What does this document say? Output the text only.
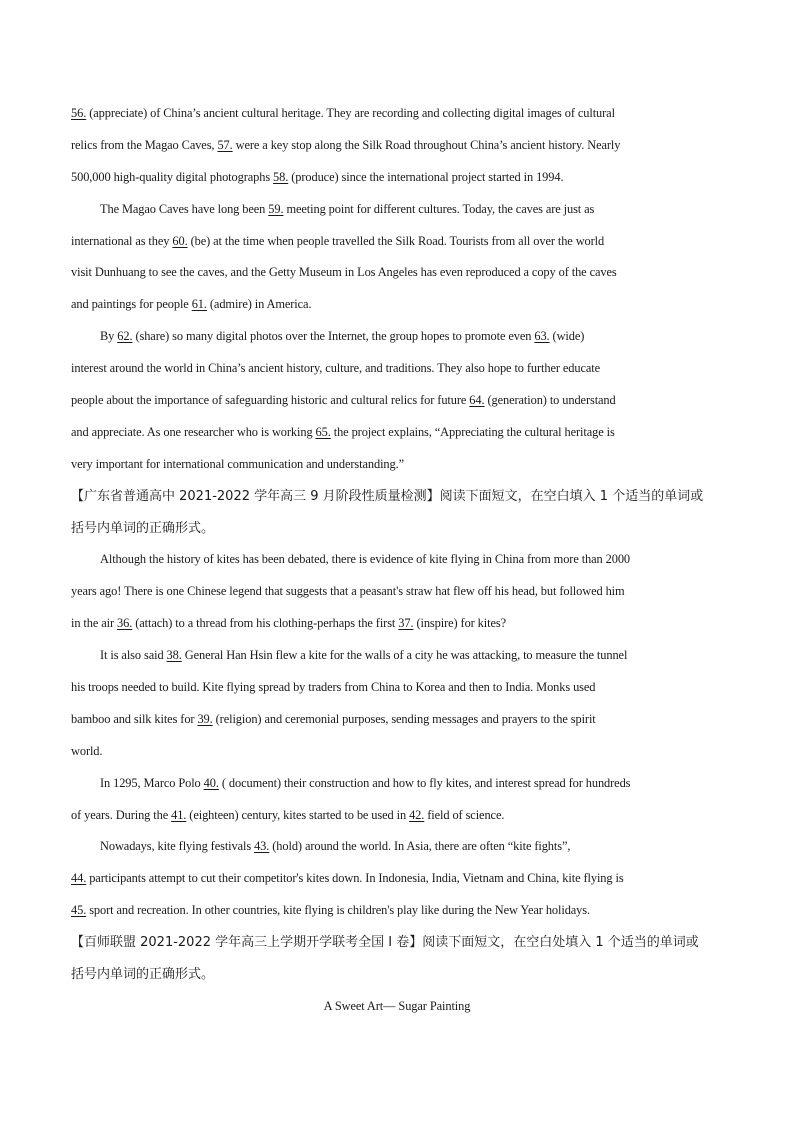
56. (appreciate) of China’s ancient cultural heritage. They are recording and collecting digital images of cultural
relics from the Magao Caves, 57. were a key stop along the Silk Road throughout China’s ancient history. Nearly
500,000 high-quality digital photographs 58. (produce) since the international project started in 1994.
The Magao Caves have long been 59. meeting point for different cultures. Today, the caves are just as
international as they 60. (be) at the time when people travelled the Silk Road. Tourists from all over the world
visit Dunhuang to see the caves, and the Getty Museum in Los Angeles has even reproduced a copy of the caves
and paintings for people 61. (admire) in America.
By 62. (share) so many digital photos over the Internet, the group hopes to promote even 63. (wide)
interest around the world in China’s ancient history, culture, and traditions. They also hope to further educate
people about the importance of safeguarding historic and cultural relics for future 64. (generation) to understand
and appreciate. As one researcher who is working 65. the project explains, “Appreciating the cultural heritage is
very important for international communication and understanding.”
【广东省普通高中 2021-2022 学年高三 9 月阶段性质量检测】阅读下面短文，在空白填入 1 个适当的单词或
括号内单词的正确形式。
Although the history of kites has been debated, there is evidence of kite flying in China from more than 2000
years ago! There is one Chinese legend that suggests that a peasant's straw hat flew off his head, but followed him
in the air 36. (attach) to a thread from his clothing-perhaps the first 37. (inspire) for kites?
It is also said 38. General Han Hsin flew a kite for the walls of a city he was attacking, to measure the tunnel
his troops needed to build. Kite flying spread by traders from China to Korea and then to India. Monks used
bamboo and silk kites for 39. (religion) and ceremonial purposes, sending messages and prayers to the spirit
world.
In 1295, Marco Polo 40. ( document) their construction and how to fly kites, and interest spread for hundreds
of years. During the 41. (eighteen) century, kites started to be used in 42. field of science.
Nowadays, kite flying festivals 43. (hold) around the world. In Asia, there are often “kite fights”,
44. participants attempt to cut their competitor's kites down. In Indonesia, India, Vietnam and China, kite flying is
45. sport and recreation. In other countries, kite flying is children's play like during the New Year holidays.
【百师联盟 2021-2022 学年高三上学期开学联考全国 I 卷】阅读下面短文，在空白处填入 1 个适当的单词或
括号内单词的正确形式。
A Sweet Art— Sugar Painting
